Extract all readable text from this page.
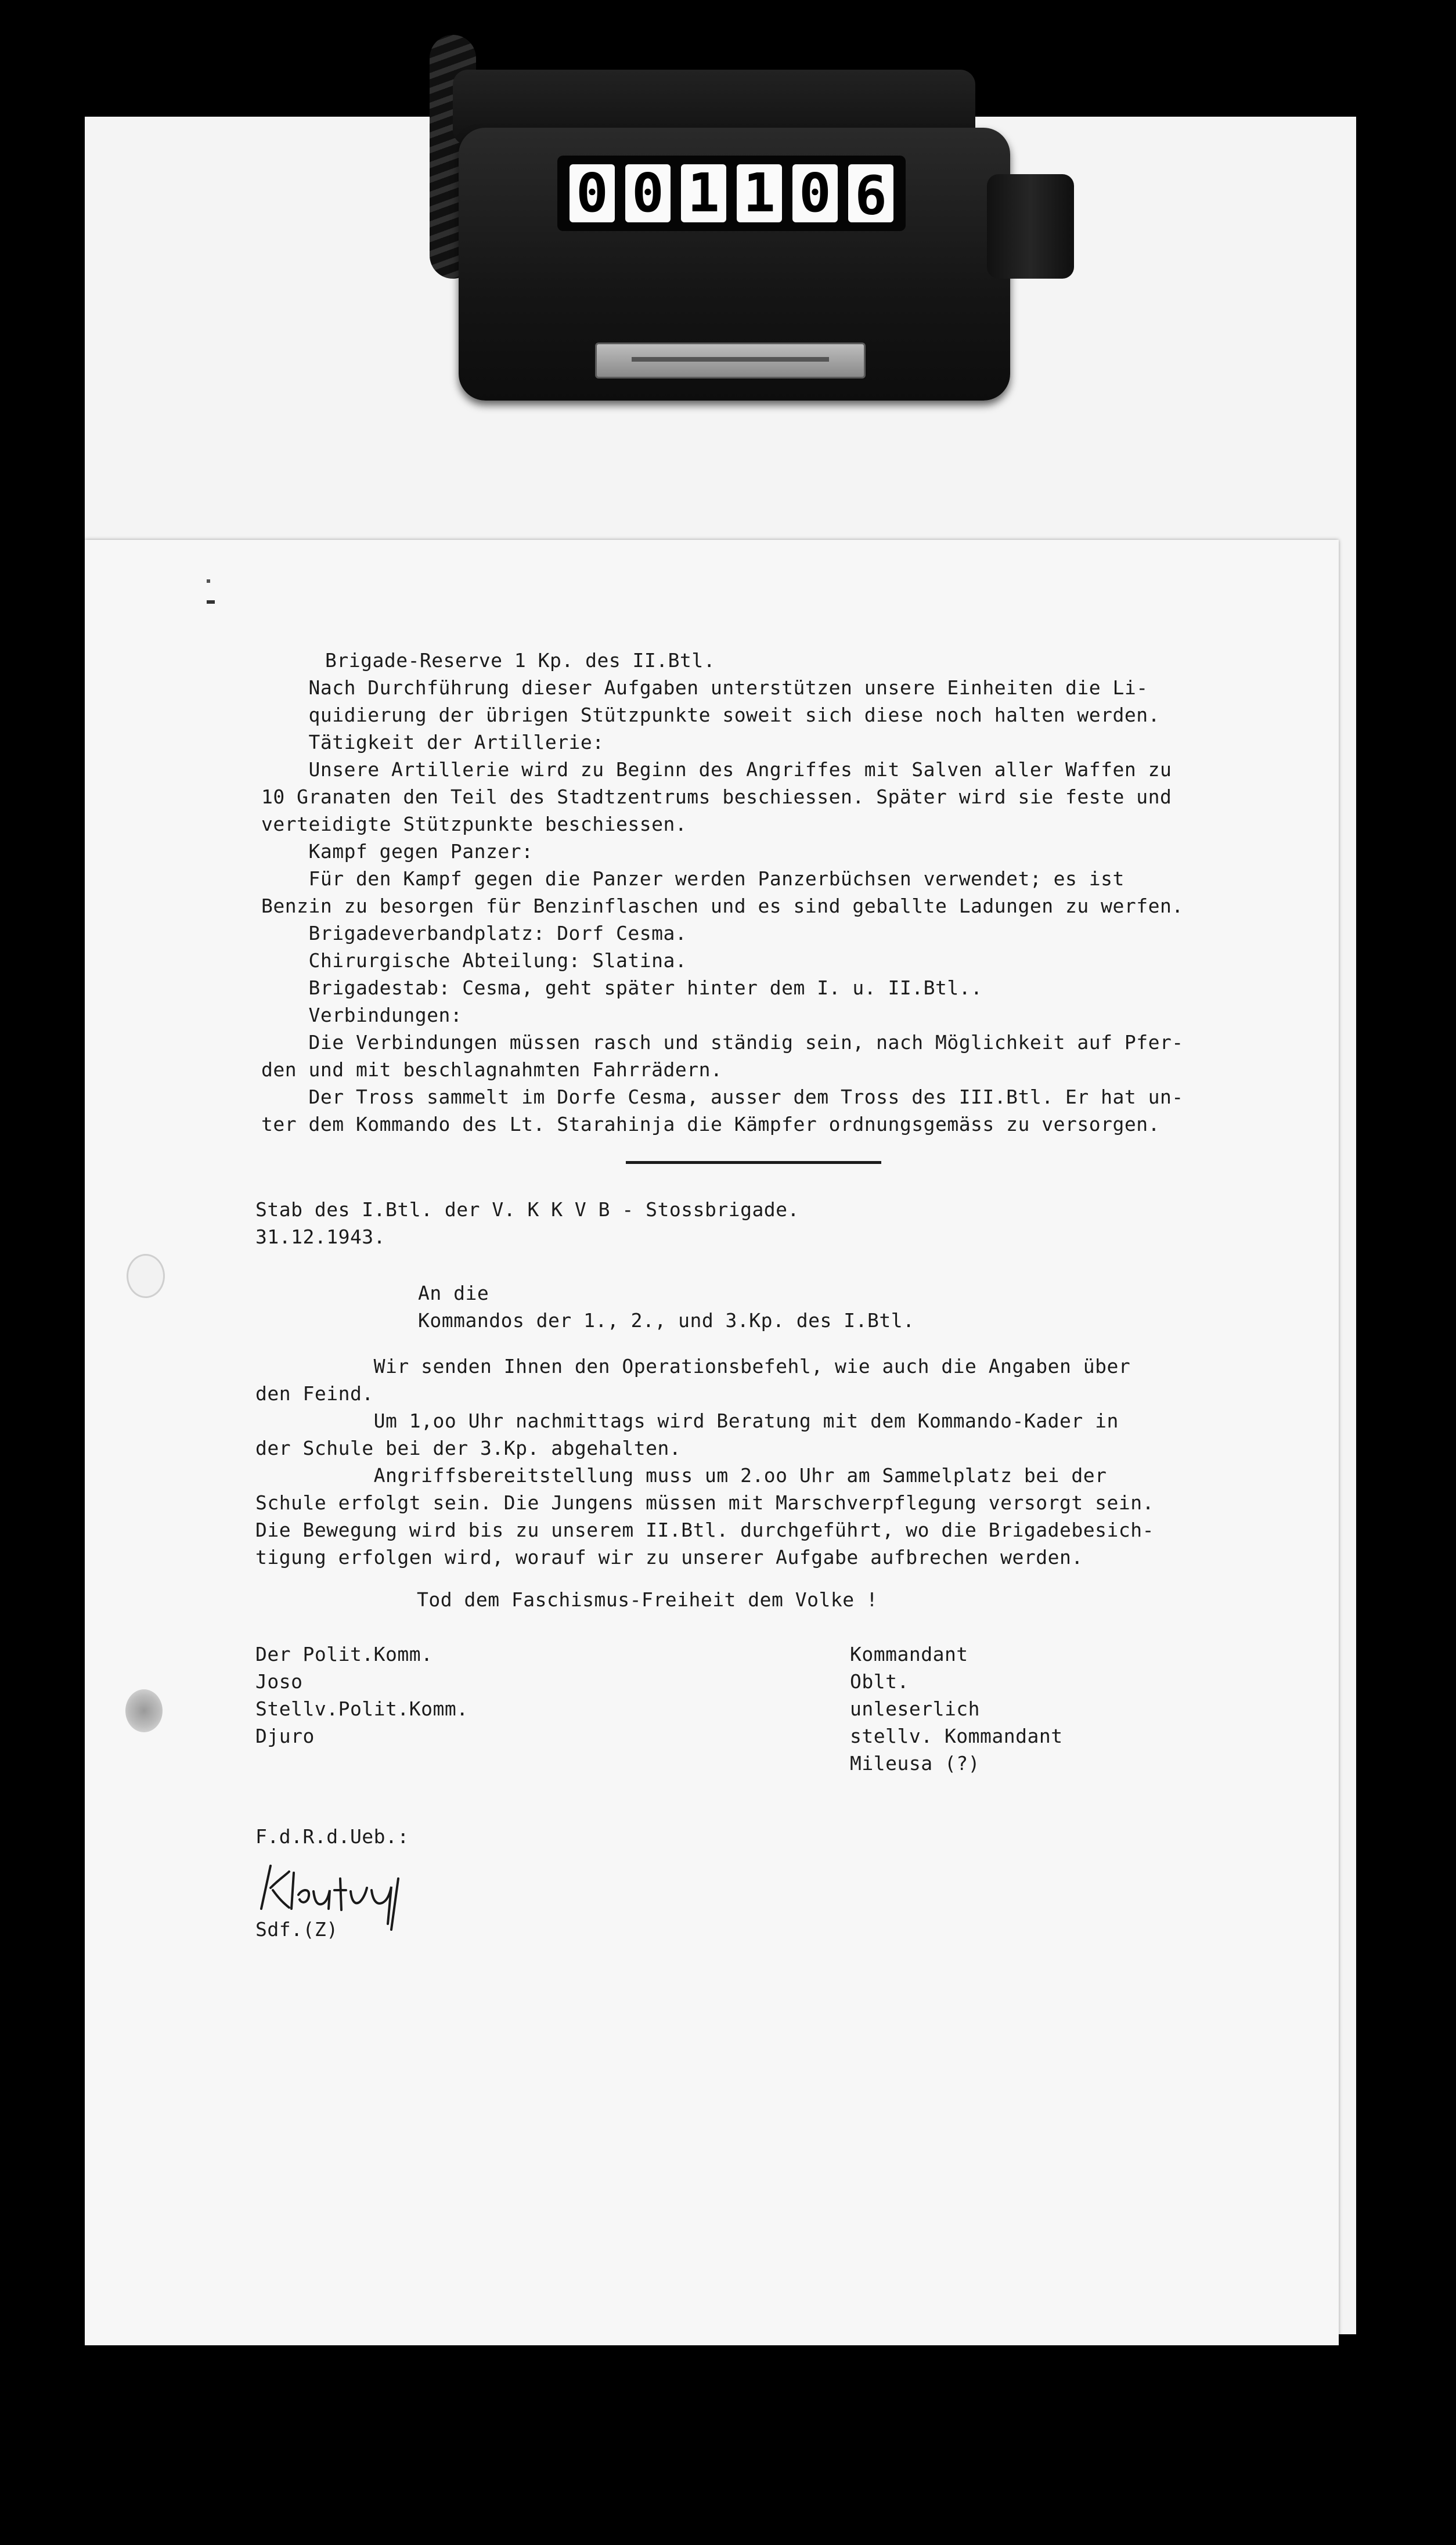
0 0 1 1 0 9

Brigade-Reserve 1 Kp. des II.Btl.

Nach Durchführung dieser Aufgaben unterstützen unsere Einheiten die Li-

quidierung der übrigen Stützpunkte soweit sich diese noch halten werden.

Tätigkeit der Artillerie:

Unsere Artillerie wird zu Beginn des Angriffes mit Salven aller Waffen zu

10 Granaten den Teil des Stadtzentrums beschiessen. Später wird sie feste und

verteidigte Stützpunkte beschiessen.

Kampf gegen Panzer:

Für den Kampf gegen die Panzer werden Panzerbüchsen verwendet; es ist

Benzin zu besorgen für Benzinflaschen und es sind geballte Ladungen zu werfen.

Brigadeverbandplatz: Dorf Cesma.

Chirurgische Abteilung: Slatina.

Brigadestab: Cesma, geht später hinter dem I. u. II.Btl..

Verbindungen:

Die Verbindungen müssen rasch und ständig sein, nach Möglichkeit auf Pfer-

den und mit beschlagnahmten Fahrrädern.

Der Tross sammelt im Dorfe Cesma, ausser dem Tross des III.Btl. Er hat un-

ter dem Kommando des Lt. Starahinja die Kämpfer ordnungsgemäss zu versorgen.

Stab des I.Btl. der V. K K V B - Stossbrigade.

31.12.1943.

An die

Kommandos der 1., 2., und 3.Kp. des I.Btl.

Wir senden Ihnen den Operationsbefehl, wie auch die Angaben über

den Feind.

Um 1,oo Uhr nachmittags wird Beratung mit dem Kommando-Kader in

der Schule bei der 3.Kp. abgehalten.

Angriffsbereitstellung muss um 2.oo Uhr am Sammelplatz bei der

Schule erfolgt sein. Die Jungens müssen mit Marschverpflegung versorgt sein.

Die Bewegung wird bis zu unserem II.Btl. durchgeführt, wo die Brigadebesich-

tigung erfolgen wird, worauf wir zu unserer Aufgabe aufbrechen werden.

Tod dem Faschismus-Freiheit dem Volke !

Der Polit.Komm.

Joso

Stellv.Polit.Komm.

Djuro

Kommandant

Oblt.

unleserlich

stellv. Kommandant

Mileusa (?)

F.d.R.d.Ueb.:

Sdf.(Z)
